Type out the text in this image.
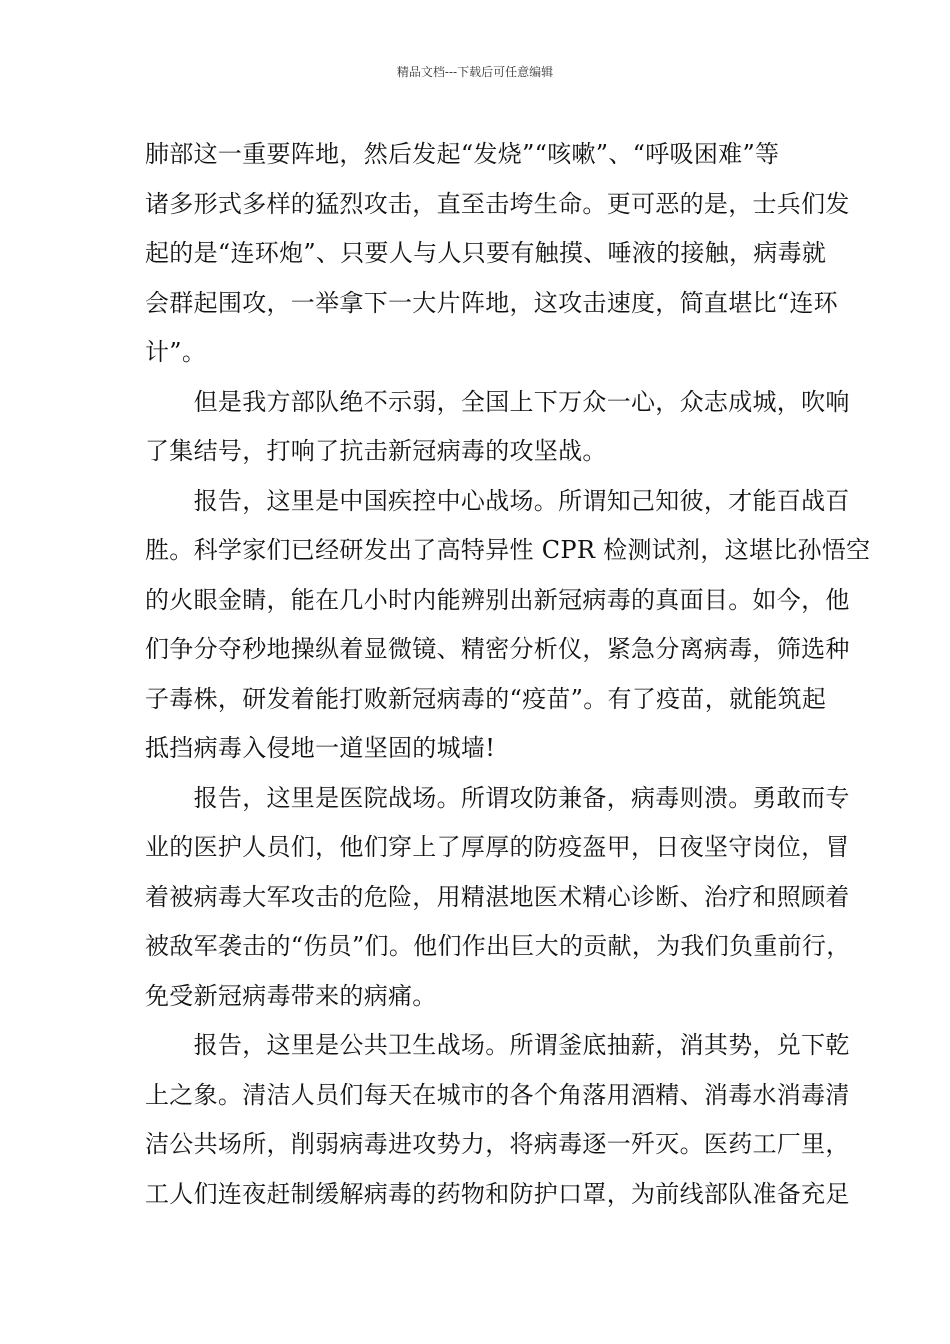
精品文档---下载后可任意编辑
肺部这一重要阵地，然后发起“发烧”“咳嗽”、“呼吸困难”等
诸多形式多样的猛烈攻击，直至击垮生命。更可恶的是，士兵们发
起的是“连环炮”、只要人与人只要有触摸、唾液的接触，病毒就
会群起围攻，一举拿下一大片阵地，这攻击速度，简直堪比“连环
计”。
　　但是我方部队绝不示弱，全国上下万众一心，众志成城，吹响
了集结号，打响了抗击新冠病毒的攻坚战。
　　报告，这里是中国疾控中心战场。所谓知己知彼，才能百战百
胜。科学家们已经研发出了高特异性 CPR 检测试剂，这堪比孙悟空
的火眼金睛，能在几小时内能辨别出新冠病毒的真面目。如今，他
们争分夺秒地操纵着显微镜、精密分析仪，紧急分离病毒，筛选种
子毒株，研发着能打败新冠病毒的“疫苗”。有了疫苗，就能筑起
抵挡病毒入侵地一道坚固的城墙!
　　报告，这里是医院战场。所谓攻防兼备，病毒则溃。勇敢而专
业的医护人员们，他们穿上了厚厚的防疫盔甲，日夜坚守岗位，冒
着被病毒大军攻击的危险，用精湛地医术精心诊断、治疗和照顾着
被敌军袭击的“伤员”们。他们作出巨大的贡献，为我们负重前行，
免受新冠病毒带来的病痛。
　　报告，这里是公共卫生战场。所谓釜底抽薪，消其势，兑下乾
上之象。清洁人员们每天在城市的各个角落用酒精、消毒水消毒清
洁公共场所，削弱病毒进攻势力，将病毒逐一歼灭。医药工厂里，
工人们连夜赶制缓解病毒的药物和防护口罩，为前线部队准备充足
